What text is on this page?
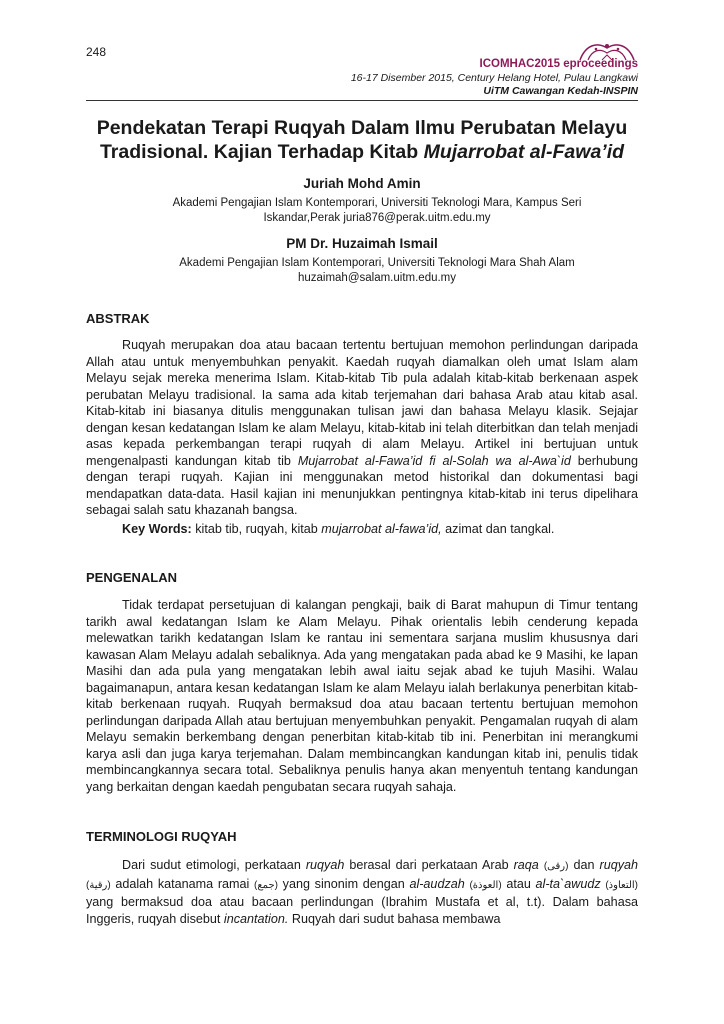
248
ICOMHAC2015 eproceedings
16-17 Disember 2015, Century Helang Hotel, Pulau Langkawi
UiTM Cawangan Kedah-INSPIN
Pendekatan Terapi Ruqyah Dalam Ilmu Perubatan Melayu
Tradisional. Kajian Terhadap Kitab Mujarrobat al-Fawa’id
Juriah Mohd Amin
Akademi Pengajian Islam Kontemporari, Universiti Teknologi Mara, Kampus Seri
Iskandar,Perak juria876@perak.uitm.edu.my
PM Dr. Huzaimah Ismail
Akademi Pengajian Islam Kontemporari, Universiti Teknologi Mara Shah Alam
huzaimah@salam.uitm.edu.my
ABSTRAK

Ruqyah merupakan doa atau bacaan tertentu bertujuan memohon perlindungan daripada Allah atau untuk menyembuhkan penyakit. Kaedah ruqyah diamalkan oleh umat Islam alam Melayu sejak mereka menerima Islam. Kitab-kitab Tib pula adalah kitab-kitab berkenaan aspek perubatan Melayu tradisional. Ia sama ada kitab terjemahan dari bahasa Arab atau kitab asal. Kitab-kitab ini biasanya ditulis menggunakan tulisan jawi dan bahasa Melayu klasik. Sejajar dengan kesan kedatangan Islam ke alam Melayu, kitab-kitab ini telah diterbitkan dan telah menjadi asas kepada perkembangan terapi ruqyah di alam Melayu. Artikel ini bertujuan untuk mengenalpasti kandungan kitab tib Mujarrobat al-Fawa’id fi al-Solah wa al-Awa`id berhubung dengan terapi ruqyah. Kajian ini menggunakan metod historikal dan dokumentasi bagi mendapatkan data-data. Hasil kajian ini menunjukkan pentingnya kitab-kitab ini terus dipelihara sebagai salah satu khazanah bangsa.

Key Words: kitab tib, ruqyah, kitab mujarrobat al-fawa’id, azimat dan tangkal.
PENGENALAN

Tidak terdapat persetujuan di kalangan pengkaji, baik di Barat mahupun di Timur tentang tarikh awal kedatangan Islam ke Alam Melayu. Pihak orientalis lebih cenderung kepada melewatkan tarikh kedatangan Islam ke rantau ini sementara sarjana muslim khususnya dari kawasan Alam Melayu adalah sebaliknya. Ada yang mengatakan pada abad ke 9 Masihi, ke lapan Masihi dan ada pula yang mengatakan lebih awal iaitu sejak abad ke tujuh Masihi. Walau bagaimanapun, antara kesan kedatangan Islam ke alam Melayu ialah berlakunya penerbitan kitab-kitab berkenaan ruqyah. Ruqyah bermaksud doa atau bacaan tertentu bertujuan memohon perlindungan daripada Allah atau bertujuan menyembuhkan penyakit. Pengamalan ruqyah di alam Melayu semakin berkembang dengan penerbitan kitab-kitab tib ini. Penerbitan ini merangkumi karya asli dan juga karya terjemahan. Dalam membincangkan kandungan kitab ini, penulis tidak membincangkannya secara total. Sebaliknya penulis hanya akan menyentuh tentang kandungan yang berkaitan dengan kaedah pengubatan secara ruqyah sahaja.

TERMINOLOGI RUQYAH

Dari sudut etimologi, perkataan ruqyah berasal dari perkataan Arab raqa (رقى) dan ruqyah (رقية) adalah katanama ramai (جمع) yang sinonim dengan al-audzah (العوذة) atau al-ta`awudz (التعاوذ) yang bermaksud doa atau bacaan perlindungan (Ibrahim Mustafa et al, t.t). Dalam bahasa Inggeris, ruqyah disebut incantation. Ruqyah dari sudut bahasa membawa
